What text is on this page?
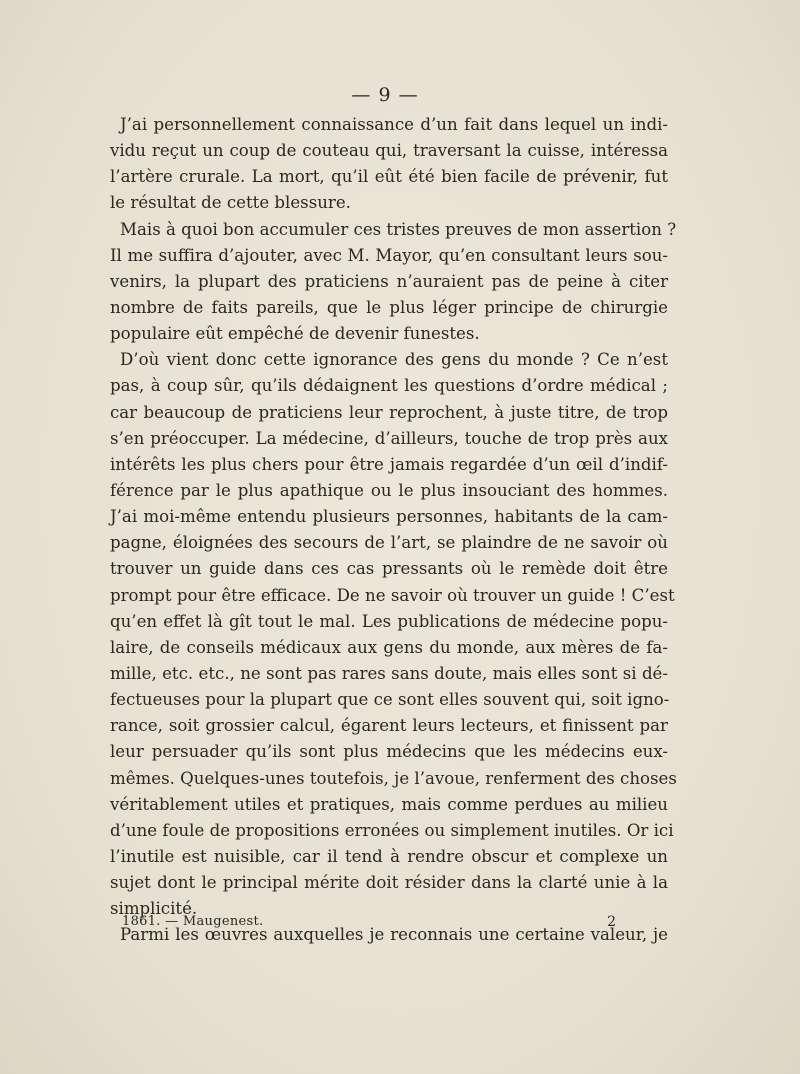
— 9 —

J’ai personnellement connaissance d’un fait dans lequel un indi-
vidu reçut un coup de couteau qui, traversant la cuisse, intéressa
l’artère crurale. La mort, qu’il eût été bien facile de prévenir, fut
le résultat de cette blessure.

Mais à quoi bon accumuler ces tristes preuves de mon assertion ?
Il me suffira d’ajouter, avec M. Mayor, qu’en consultant leurs sou-
venirs, la plupart des praticiens n’auraient pas de peine à citer
nombre de faits pareils, que le plus léger principe de chirurgie
populaire eût empêché de devenir funestes.

D’où vient donc cette ignorance des gens du monde ? Ce n’est
pas, à coup sûr, qu’ils dédaignent les questions d’ordre médical ;
car beaucoup de praticiens leur reprochent, à juste titre, de trop
s’en préoccuper. La médecine, d’ailleurs, touche de trop près aux
intérêts les plus chers pour être jamais regardée d’un œil d’indif-
férence par le plus apathique ou le plus insouciant des hommes.
J’ai moi-même entendu plusieurs personnes, habitants de la cam-
pagne, éloignées des secours de l’art, se plaindre de ne savoir où
trouver un guide dans ces cas pressants où le remède doit être
prompt pour être efficace. De ne savoir où trouver un guide ! C’est
qu’en effet là gît tout le mal. Les publications de médecine popu-
laire, de conseils médicaux aux gens du monde, aux mères de fa-
mille, etc. etc., ne sont pas rares sans doute, mais elles sont si dé-
fectueuses pour la plupart que ce sont elles souvent qui, soit igno-
rance, soit grossier calcul, égarent leurs lecteurs, et finissent par
leur persuader qu’ils sont plus médecins que les médecins eux-
mêmes. Quelques-unes toutefois, je l’avoue, renferment des choses
véritablement utiles et pratiques, mais comme perdues au milieu
d’une foule de propositions erronées ou simplement inutiles. Or ici
l’inutile est nuisible, car il tend à rendre obscur et complexe un
sujet dont le principal mérite doit résider dans la clarté unie à la
simplicité.

Parmi les œuvres auxquelles je reconnais une certaine valeur, je

1861. — Maugenest.	2
